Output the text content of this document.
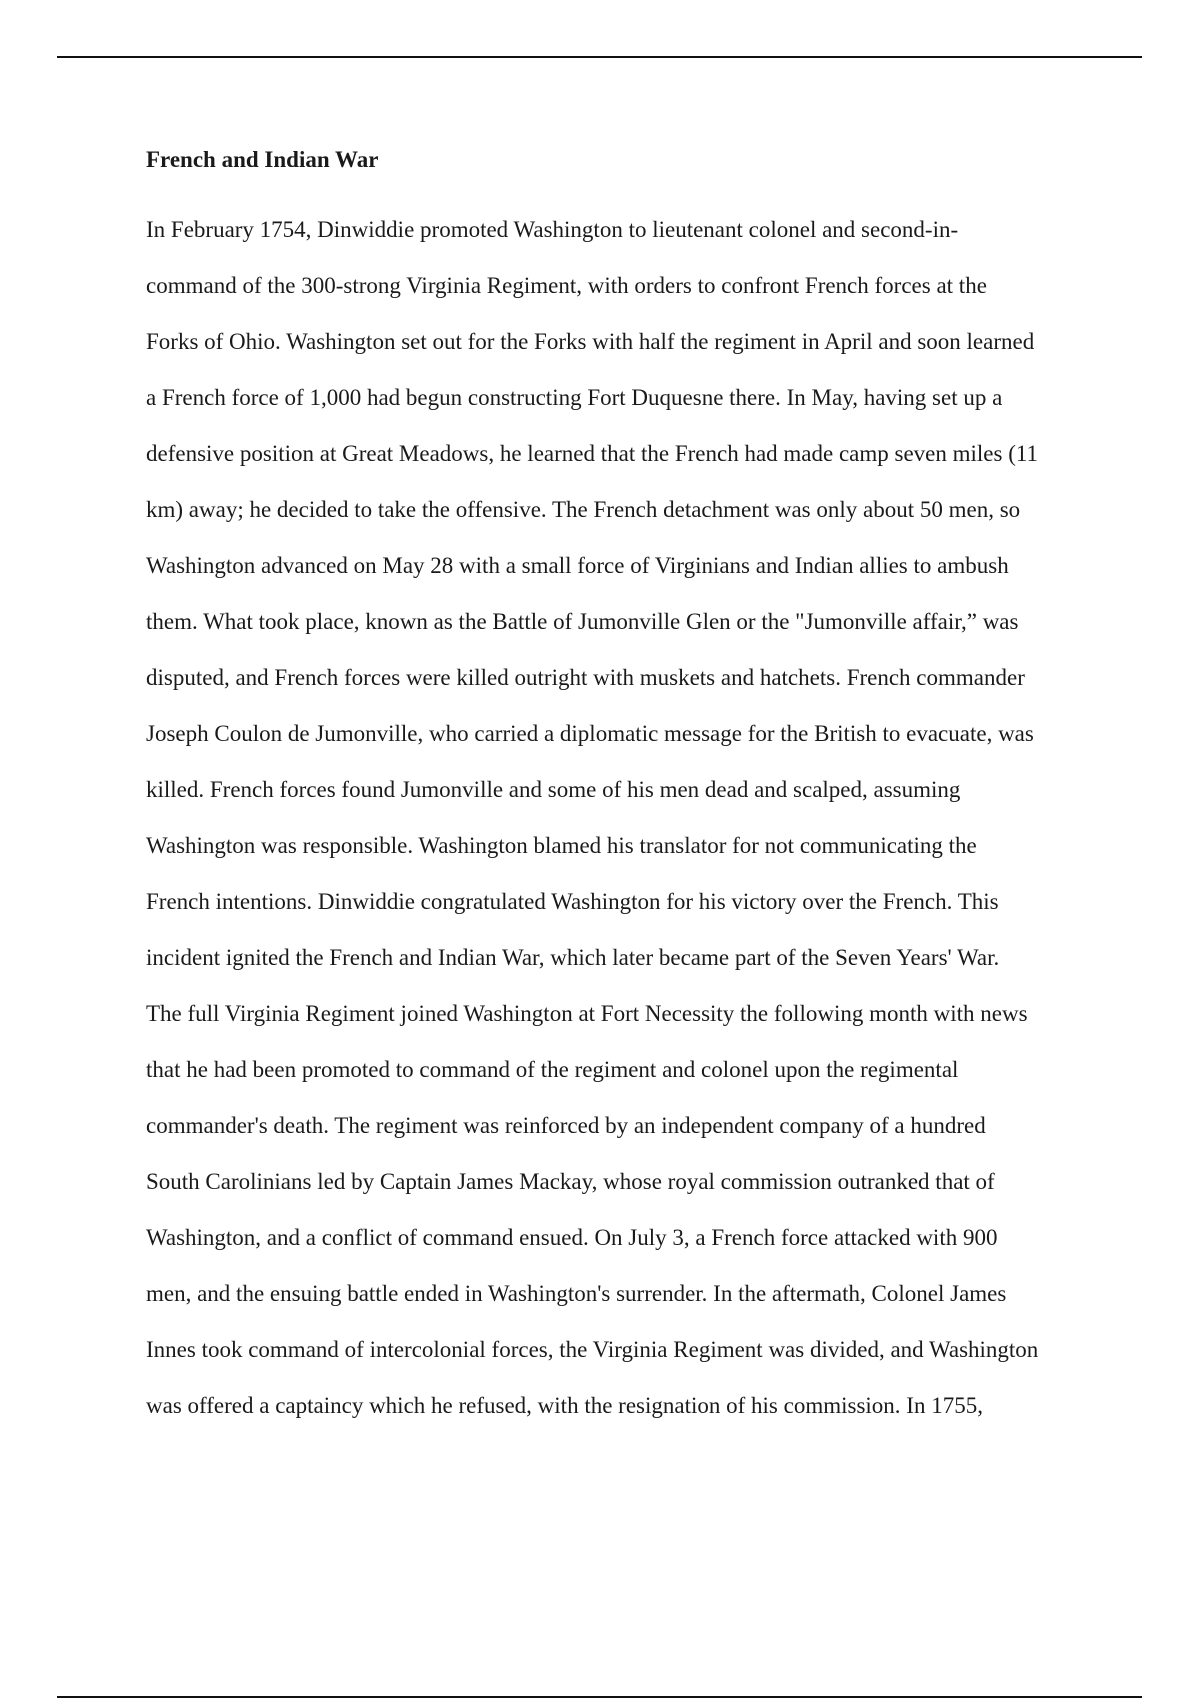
French and Indian War

In February 1754, Dinwiddie promoted Washington to lieutenant colonel and second-in-
command of the 300-strong Virginia Regiment, with orders to confront French forces at the
Forks of Ohio. Washington set out for the Forks with half the regiment in April and soon learned
a French force of 1,000 had begun constructing Fort Duquesne there. In May, having set up a
defensive position at Great Meadows, he learned that the French had made camp seven miles (11
km) away; he decided to take the offensive. The French detachment was only about 50 men, so
Washington advanced on May 28 with a small force of Virginians and Indian allies to ambush
them. What took place, known as the Battle of Jumonville Glen or the "Jumonville affair,” was
disputed, and French forces were killed outright with muskets and hatchets. French commander
Joseph Coulon de Jumonville, who carried a diplomatic message for the British to evacuate, was
killed. French forces found Jumonville and some of his men dead and scalped, assuming
Washington was responsible. Washington blamed his translator for not communicating the
French intentions. Dinwiddie congratulated Washington for his victory over the French. This
incident ignited the French and Indian War, which later became part of the Seven Years' War.
The full Virginia Regiment joined Washington at Fort Necessity the following month with news
that he had been promoted to command of the regiment and colonel upon the regimental
commander's death. The regiment was reinforced by an independent company of a hundred
South Carolinians led by Captain James Mackay, whose royal commission outranked that of
Washington, and a conflict of command ensued. On July 3, a French force attacked with 900
men, and the ensuing battle ended in Washington's surrender. In the aftermath, Colonel James
Innes took command of intercolonial forces, the Virginia Regiment was divided, and Washington
was offered a captaincy which he refused, with the resignation of his commission. In 1755,
